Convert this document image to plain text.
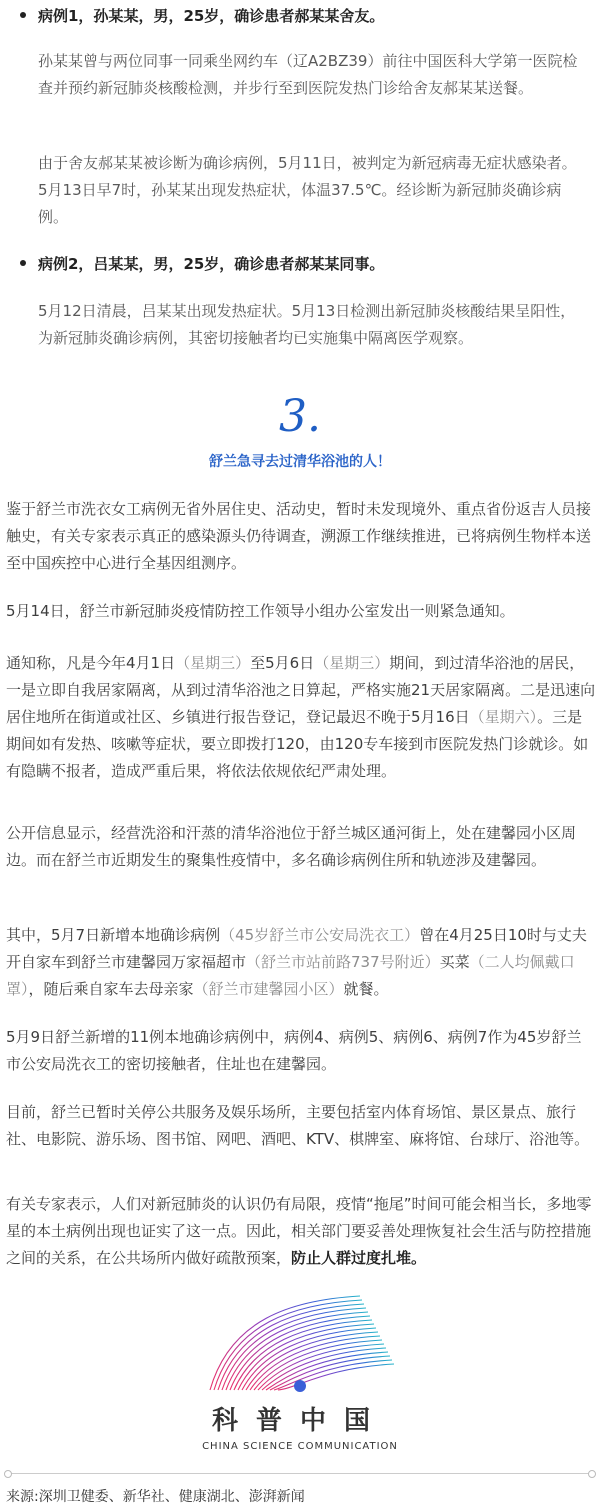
病例1，孙某某，男，25岁，确诊患者郝某某舍友。

孙某某曾与两位同事一同乘坐网约车（辽A2BZ39）前往中国医科大学第一医院检查并预约新冠肺炎核酸检测，并步行至到医院发热门诊给舍友郝某某送餐。

由于舍友郝某某被诊断为确诊病例，5月11日，被判定为新冠病毒无症状感染者。5月13日早7时，孙某某出现发热症状，体温37.5℃。经诊断为新冠肺炎确诊病例。

病例2，吕某某，男，25岁，确诊患者郝某某同事。

5月12日清晨，吕某某出现发热症状。5月13日检测出新冠肺炎核酸结果呈阳性，为新冠肺炎确诊病例，其密切接触者均已实施集中隔离医学观察。

3.
舒兰急寻去过清华浴池的人！

鉴于舒兰市洗衣女工病例无省外居住史、活动史，暂时未发现境外、重点省份返吉人员接触史，有关专家表示真正的感染源头仍待调查，溯源工作继续推进，已将病例生物样本送至中国疾控中心进行全基因组测序。

5月14日，舒兰市新冠肺炎疫情防控工作领导小组办公室发出一则紧急通知。

通知称，凡是今年4月1日（星期三）至5月6日（星期三）期间，到过清华浴池的居民，一是立即自我居家隔离，从到过清华浴池之日算起，严格实施21天居家隔离。二是迅速向居住地所在街道或社区、乡镇进行报告登记，登记最迟不晚于5月16日（星期六）。三是期间如有发热、咳嗽等症状，要立即拨打120，由120专车接到市医院发热门诊就诊。如有隐瞒不报者，造成严重后果，将依法依规依纪严肃处理。

公开信息显示，经营洗浴和汗蒸的清华浴池位于舒兰城区通河街上，处在建馨园小区周边。而在舒兰市近期发生的聚集性疫情中，多名确诊病例住所和轨迹涉及建馨园。

其中，5月7日新增本地确诊病例（45岁舒兰市公安局洗衣工）曾在4月25日10时与丈夫开自家车到舒兰市建馨园万家福超市（舒兰市站前路737号附近）买菜（二人均佩戴口罩），随后乘自家车去母亲家（舒兰市建馨园小区）就餐。

5月9日舒兰新增的11例本地确诊病例中，病例4、病例5、病例6、病例7作为45岁舒兰市公安局洗衣工的密切接触者，住址也在建馨园。

目前，舒兰已暂时关停公共服务及娱乐场所，主要包括室内体育场馆、景区景点、旅行社、电影院、游乐场、图书馆、网吧、酒吧、KTV、棋牌室、麻将馆、台球厅、浴池等。

有关专家表示，人们对新冠肺炎的认识仍有局限，疫情“拖尾”时间可能会相当长，多地零星的本土病例出现也证实了这一点。因此，相关部门要妥善处理恢复社会生活与防控措施之间的关系，在公共场所内做好疏散预案，防止人群过度扎堆。

科普中国
CHINA SCIENCE COMMUNICATION
来源:深圳卫健委、新华社、健康湖北、澎湃新闻
